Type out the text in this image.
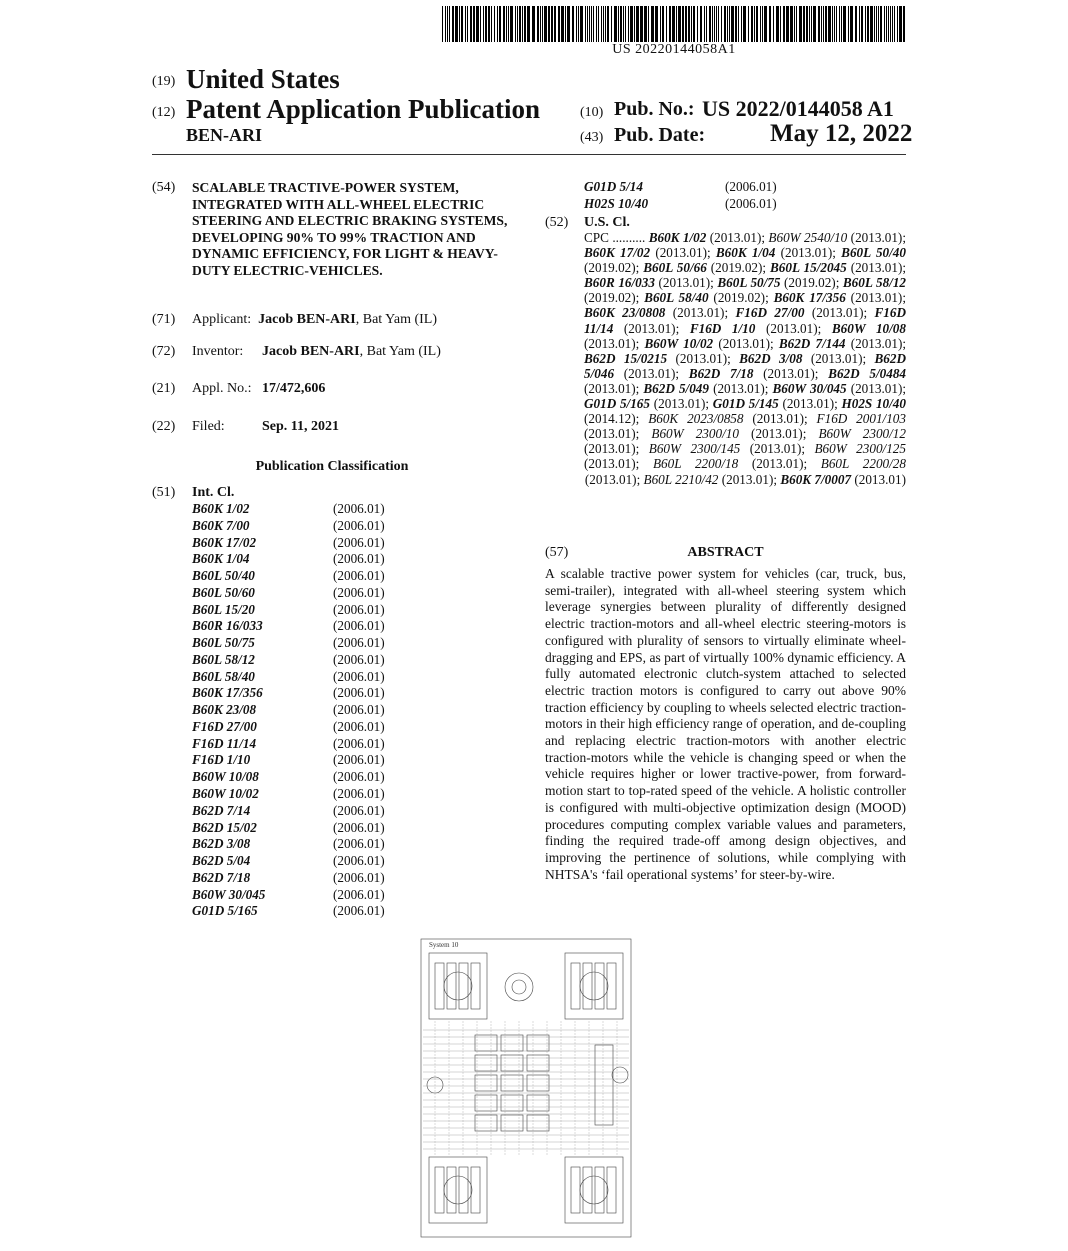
US 20220144058A1
(19) United States
(12) Patent Application Publication
BEN-ARI
(10) Pub. No.: US 2022/0144058 A1
(43) Pub. Date:	May 12, 2022
(54) SCALABLE TRACTIVE-POWER SYSTEM, INTEGRATED WITH ALL-WHEEL ELECTRIC STEERING AND ELECTRIC BRAKING SYSTEMS, DEVELOPING 90% TO 99% TRACTION AND DYNAMIC EFFICIENCY, FOR LIGHT & HEAVY-DUTY ELECTRIC-VEHICLES.
(71) Applicant: Jacob BEN-ARI, Bat Yam (IL)
(72) Inventor: Jacob BEN-ARI, Bat Yam (IL)
(21) Appl. No.: 17/472,606
(22) Filed:	Sep. 11, 2021
Publication Classification
(51) Int. Cl.
B60K 1/02	(2006.01)
B60K 7/00	(2006.01)
B60K 17/02	(2006.01)
B60K 1/04	(2006.01)
B60L 50/40	(2006.01)
B60L 50/60	(2006.01)
B60L 15/20	(2006.01)
B60R 16/033	(2006.01)
B60L 50/75	(2006.01)
B60L 58/12	(2006.01)
B60L 58/40	(2006.01)
B60K 17/356	(2006.01)
B60K 23/08	(2006.01)
F16D 27/00	(2006.01)
F16D 11/14	(2006.01)
F16D 1/10	(2006.01)
B60W 10/08	(2006.01)
B60W 10/02	(2006.01)
B62D 7/14	(2006.01)
B62D 15/02	(2006.01)
B62D 3/08	(2006.01)
B62D 5/04	(2006.01)
B62D 7/18	(2006.01)
B60W 30/045	(2006.01)
G01D 5/165	(2006.01)
G01D 5/14	(2006.01)
H02S 10/40	(2006.01)
(52) U.S. Cl.
CPC .......... B60K 1/02 (2013.01); B60W 2540/10 (2013.01); B60K 17/02 (2013.01); B60K 1/04 (2013.01); B60L 50/40 (2019.02); B60L 50/66 (2019.02); B60L 15/2045 (2013.01); B60R 16/033 (2013.01); B60L 50/75 (2019.02); B60L 58/12 (2019.02); B60L 58/40 (2019.02); B60K 17/356 (2013.01); B60K 23/0808 (2013.01); F16D 27/00 (2013.01); F16D 11/14 (2013.01); F16D 1/10 (2013.01); B60W 10/08 (2013.01); B60W 10/02 (2013.01); B62D 7/144 (2013.01); B62D 15/0215 (2013.01); B62D 3/08 (2013.01); B62D 5/046 (2013.01); B62D 7/18 (2013.01); B62D 5/0484 (2013.01); B62D 5/049 (2013.01); B60W 30/045 (2013.01); G01D 5/165 (2013.01); G01D 5/145 (2013.01); H02S 10/40 (2014.12); B60K 2023/0858 (2013.01); F16D 2001/103 (2013.01); B60W 2300/10 (2013.01); B60W 2300/12 (2013.01); B60W 2300/145 (2013.01); B60W 2300/125 (2013.01); B60L 2200/18 (2013.01); B60L 2200/28 (2013.01); B60L 2210/42 (2013.01); B60K 7/0007 (2013.01)
(57)	ABSTRACT
A scalable tractive power system for vehicles (car, truck, bus, semi-trailer), integrated with all-wheel steering system which leverage synergies between plurality of differently designed electric traction-motors and all-wheel electric steering-motors is configured with plurality of sensors to virtually eliminate wheel-dragging and EPS, as part of virtually 100% dynamic efficiency. A fully automated electronic clutch-system attached to selected electric traction motors is configured to carry out above 90% traction efficiency by coupling to wheels selected electric traction-motors in their high efficiency range of operation, and de-coupling and replacing electric traction-motors with another electric traction-motors while the vehicle is changing speed or when the vehicle requires higher or lower tractive-power, from forward-motion start to top-rated speed of the vehicle. A holistic controller is configured with multi-objective optimization design (MOOD) procedures computing complex variable values and parameters, finding the required trade-off among design objectives, and improving the pertinence of solutions, while complying with NHTSA's ‘fail operational systems’ for steer-by-wire.
System 10
